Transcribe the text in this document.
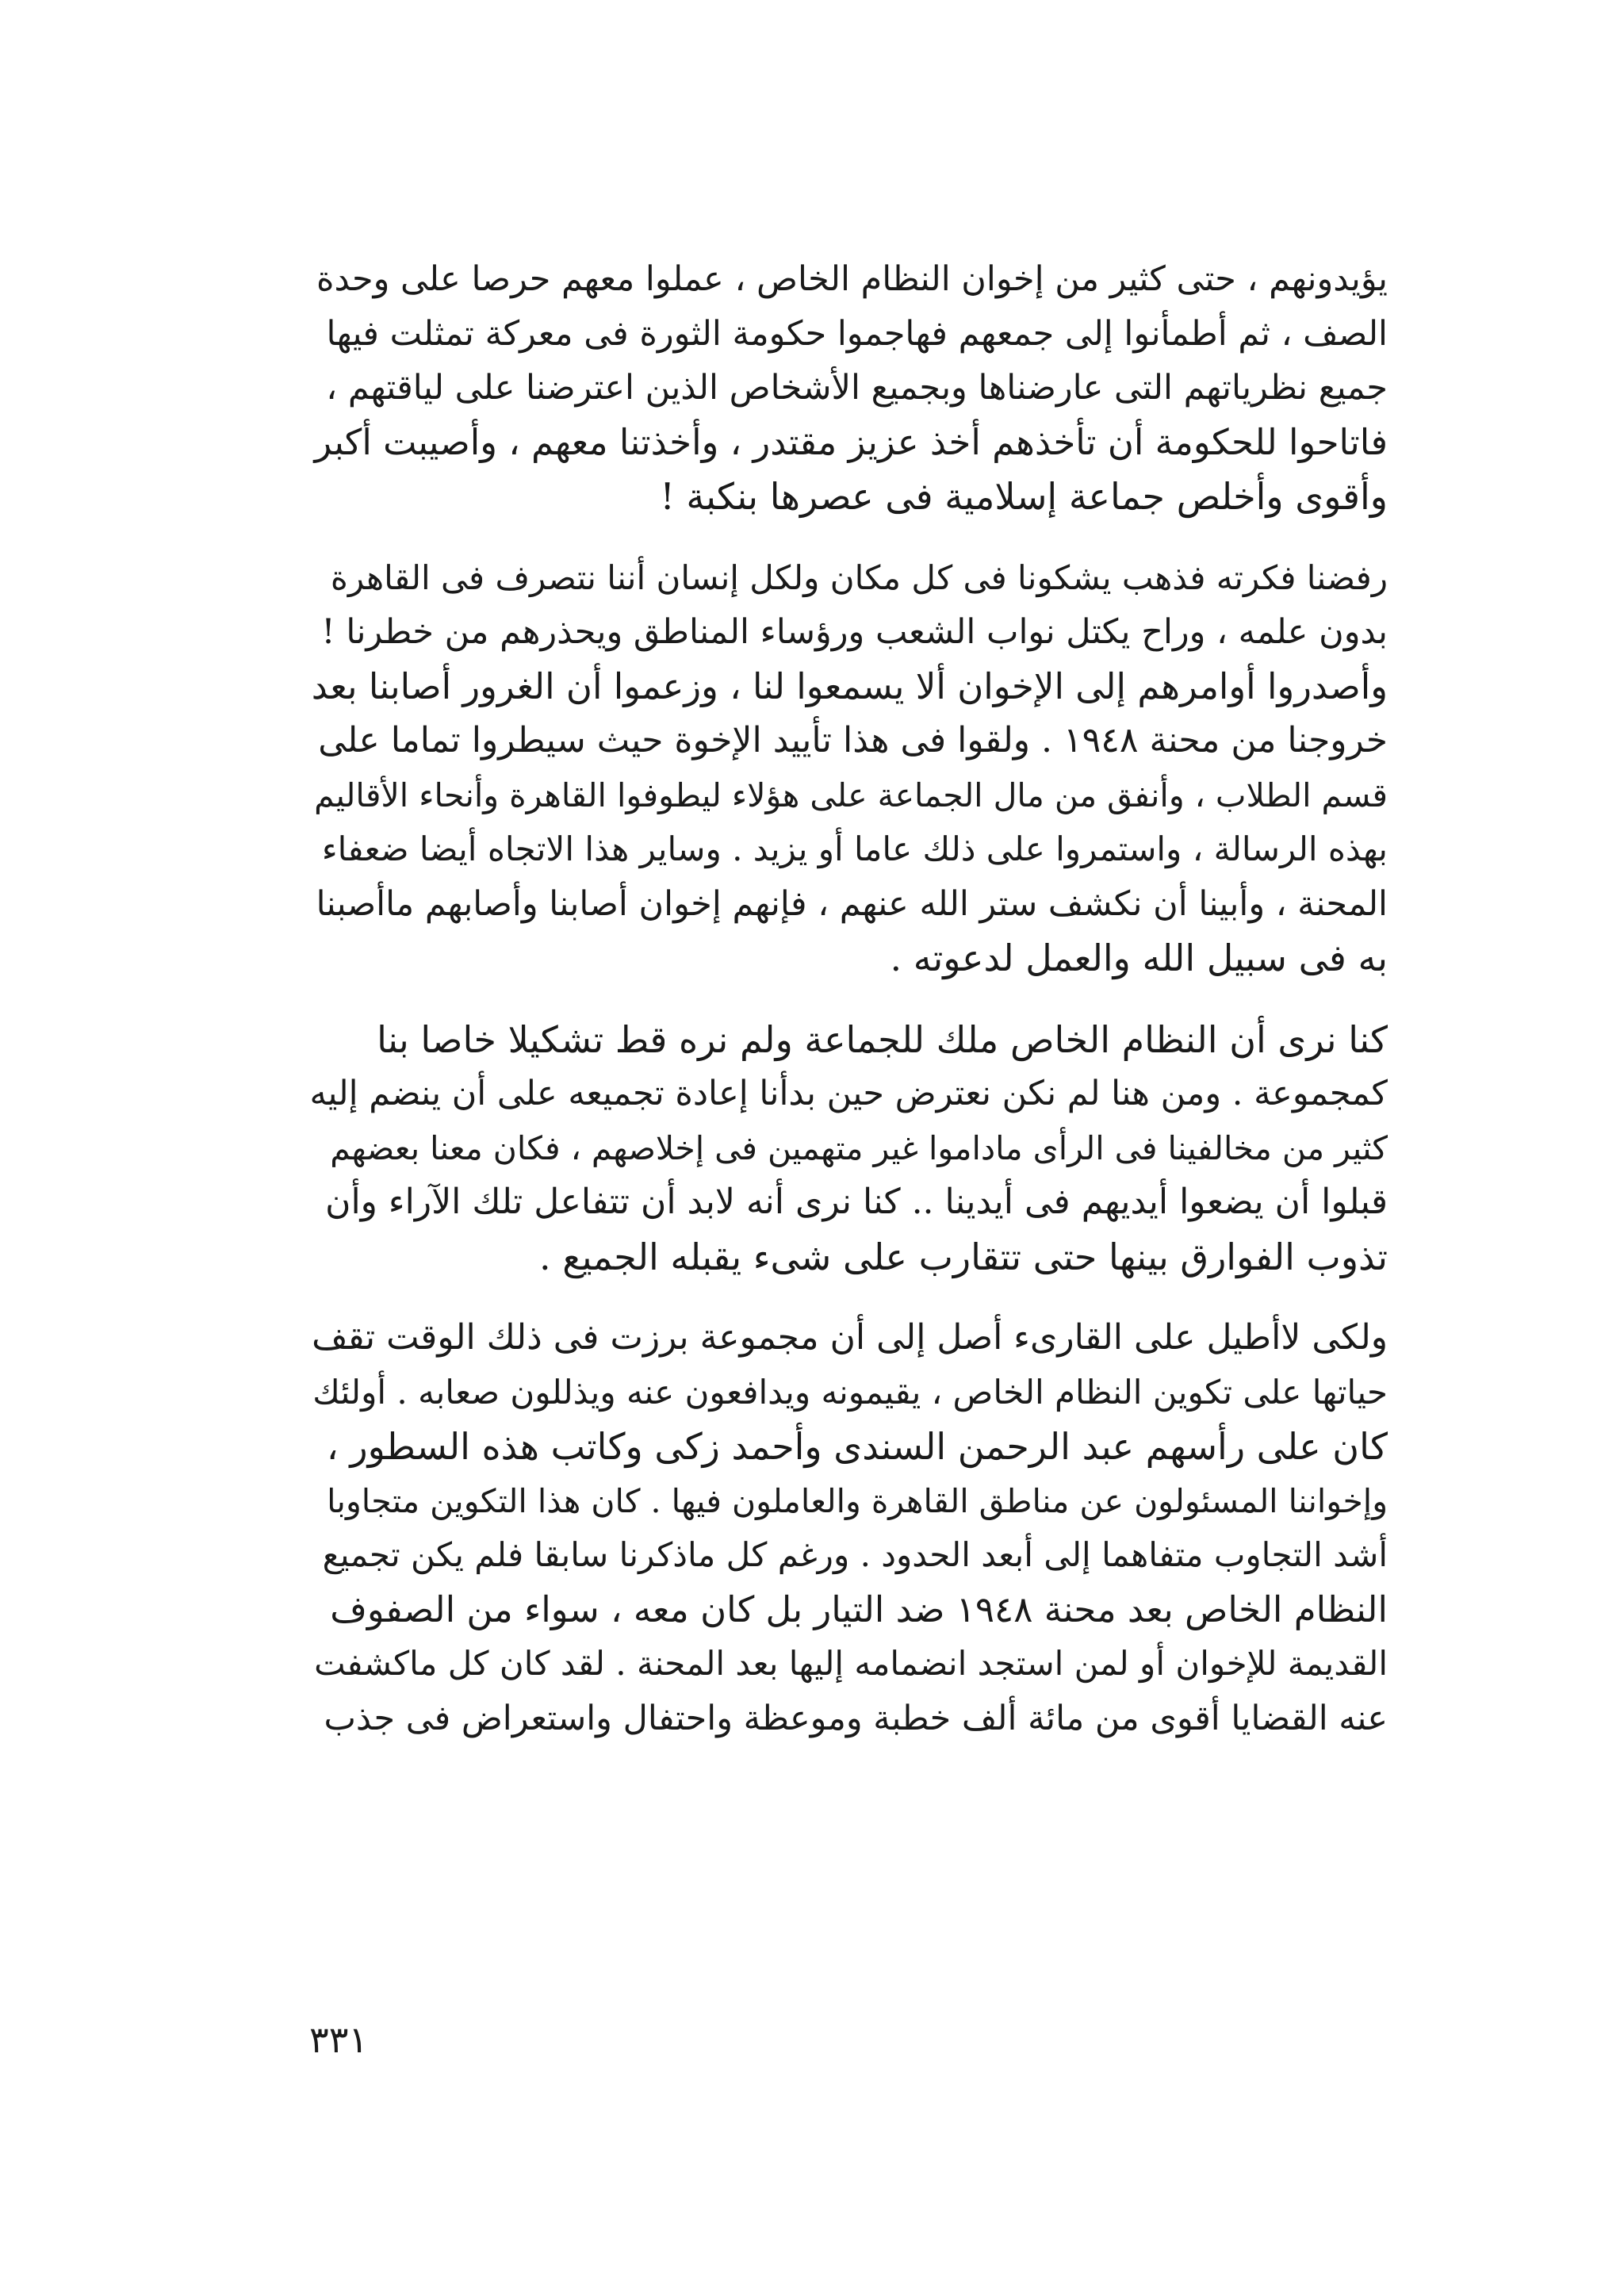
يؤيدونهم ، حتى كثير من إخوان النظام الخاص ، عملوا معهم حرصا على وحدة
الصف ، ثم أطمأنوا إلى جمعهم فهاجموا حكومة الثورة فى معركة تمثلت فيها
جميع نظرياتهم التى عارضناها وبجميع الأشخاص الذين اعترضنا على لياقتهم ،
فاتاحوا للحكومة أن تأخذهم أخذ عزيز مقتدر ، وأخذتنا معهم ، وأصيبت أكبر
وأقوى وأخلص جماعة إسلامية فى عصرها بنكبة !

رفضنا فكرته فذهب يشكونا فى كل مكان ولكل إنسان أننا نتصرف فى القاهرة
بدون علمه ، وراح يكتل نواب الشعب ورؤساء المناطق ويحذرهم من خطرنا !
وأصدروا أوامرهم إلى الإخوان ألا يسمعوا لنا ، وزعموا أن الغرور أصابنا بعد
خروجنا من محنة ١٩٤٨ . ولقوا فى هذا تأييد الإخوة حيث سيطروا تماما على
قسم الطلاب ، وأنفق من مال الجماعة على هؤلاء ليطوفوا القاهرة وأنحاء الأقاليم
بهذه الرسالة ، واستمروا على ذلك عاما أو يزيد . وساير هذا الاتجاه أيضا ضعفاء
المحنة ، وأبينا أن نكشف ستر الله عنهم ، فإنهم إخوان أصابنا وأصابهم ماأصبنا
به فى سبيل الله والعمل لدعوته .

كنا نرى أن النظام الخاص ملك للجماعة ولم نره قط تشكيلا خاصا بنا
كمجموعة . ومن هنا لم نكن نعترض حين بدأنا إعادة تجميعه على أن ينضم إليه
كثير من مخالفينا فى الرأى ماداموا غير متهمين فى إخلاصهم ، فكان معنا بعضهم
قبلوا أن يضعوا أيديهم فى أيدينا .. كنا نرى أنه لابد أن تتفاعل تلك الآراء وأن
تذوب الفوارق بينها حتى تتقارب على شىء يقبله الجميع .

ولكى لاأطيل على القارىء أصل إلى أن مجموعة برزت فى ذلك الوقت تقف
حياتها على تكوين النظام الخاص ، يقيمونه ويدافعون عنه ويذللون صعابه . أولئك
كان على رأسهم عبد الرحمن السندى وأحمد زكى وكاتب هذه السطور ،
وإخواننا المسئولون عن مناطق القاهرة والعاملون فيها . كان هذا التكوين متجاوبا
أشد التجاوب متفاهما إلى أبعد الحدود . ورغم كل ماذكرنا سابقا فلم يكن تجميع
النظام الخاص بعد محنة ١٩٤٨ ضد التيار بل كان معه ، سواء من الصفوف
القديمة للإخوان أو لمن استجد انضمامه إليها بعد المحنة . لقد كان كل ماكشفت
عنه القضايا أقوى من مائة ألف خطبة وموعظة واحتفال واستعراض فى جذب

٣٣١
